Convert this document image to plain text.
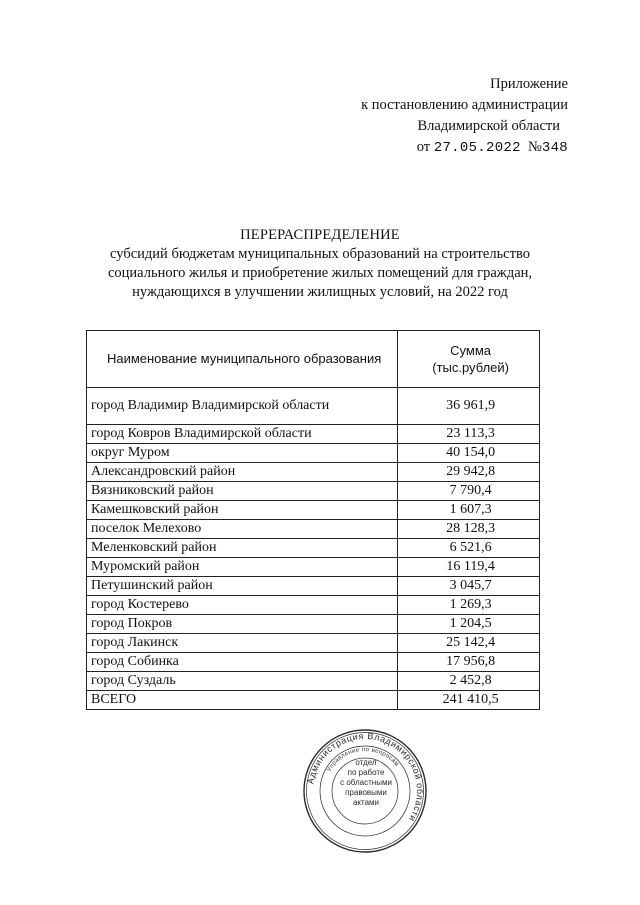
Приложение
к постановлению администрации
Владимирской области
от 27.05.2022 №348
ПЕРЕРАСПРЕДЕЛЕНИЕ
субсидий бюджетам муниципальных образований на строительство
социального жилья и приобретение жилых помещений для граждан,
нуждающихся в улучшении жилищных условий, на 2022 год
Наименование муниципального образования	Сумма
(тыс.рублей)

город Владимир Владимирской области	36 961,9
город Ковров Владимирской области	23 113,3
округ Муром	40 154,0
Александровский район	29 942,8
Вязниковский район	7 790,4
Камешковский район	1 607,3
поселок Мелехово	28 128,3
Меленковский район	6 521,6
Муромский район	16 119,4
Петушинский район	3 045,7
город Костерево	1 269,3
город Покров	1 204,5
город Лакинск	25 142,4
город Собинка	17 956,8
город Суздаль	2 452,8
ВСЕГО	241 410,5
Администрация Владимирской области
Управление по вопросам
отдел
по работе
с областными
правовыми
актами
